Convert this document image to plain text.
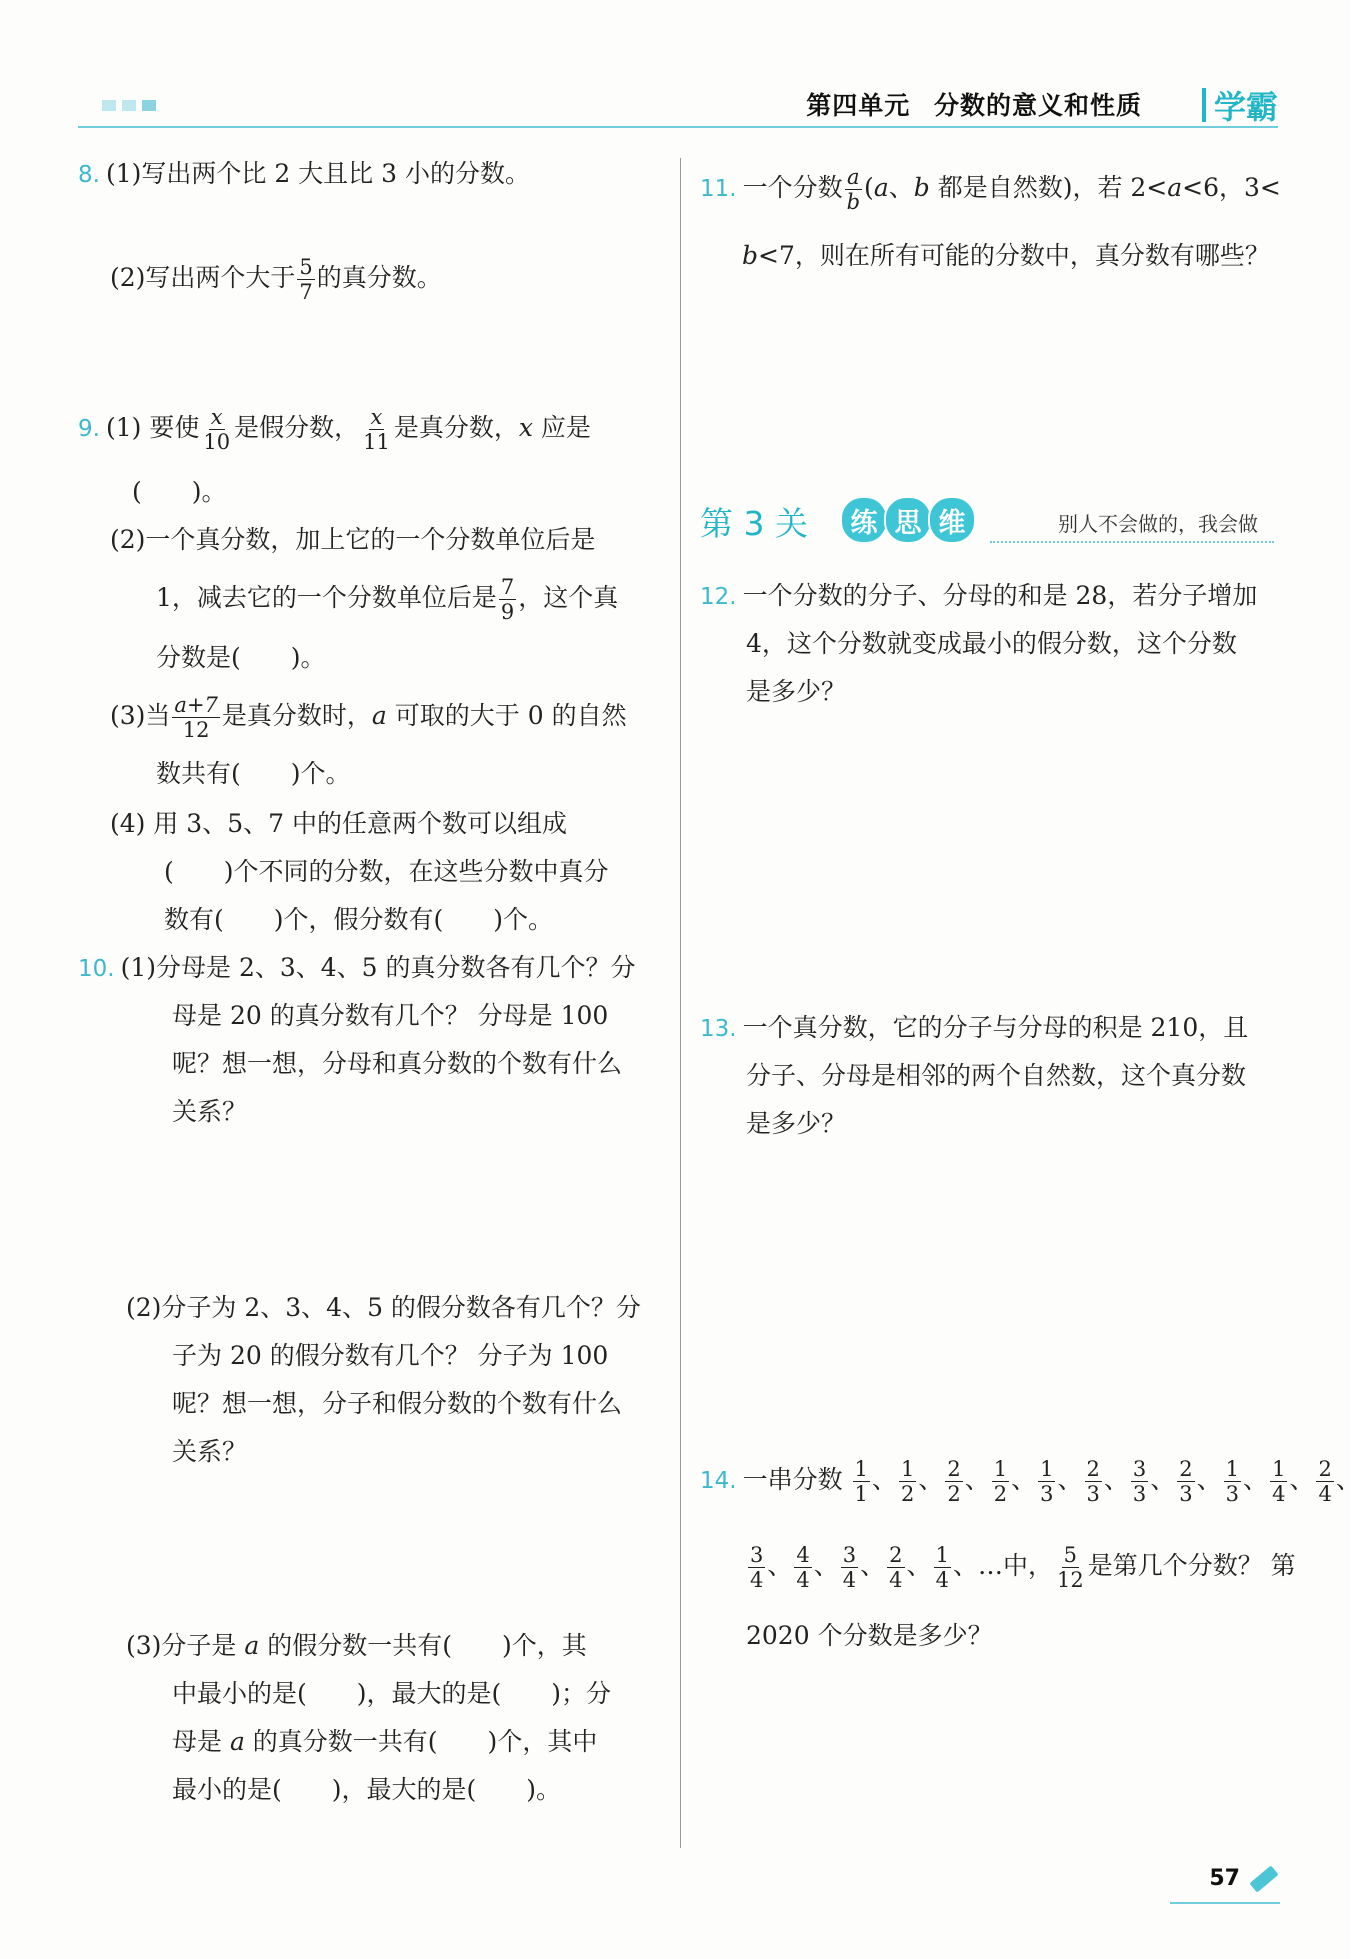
第四单元 分数的意义和性质 学霸
8. (1)写出两个比 2 大且比 3 小的分数。
(2)写出两个大于 $\frac{5}{7}$ 的真分数。
9. (1) 要使 $\frac{x}{10}$ 是假分数， $\frac{x}{11}$ 是真分数，x 应是
(　　)。
(2)一个真分数，加上它的一个分数单位后是
1，减去它的一个分数单位后是 $\frac{7}{9}$ ，这个真
分数是(　　)。
(3)当 $\frac{a+7}{12}$ 是真分数时，a 可取的大于 0 的自然
数共有(　　)个。
(4) 用 3、5、7 中的任意两个数可以组成
(　　)个不同的分数，在这些分数中真分
数有(　　)个，假分数有(　　)个。
10. (1)分母是 2、3、4、5 的真分数各有几个？分
母是 20 的真分数有几个？ 分母是 100
呢？想一想，分母和真分数的个数有什么
关系？
(2)分子为 2、3、4、5 的假分数各有几个？分
子为 20 的假分数有几个？ 分子为 100
呢？想一想，分子和假分数的个数有什么
关系？
(3)分子是 a 的假分数一共有(　　)个，其
中最小的是(　　)，最大的是(　　)；分
母是 a 的真分数一共有(　　)个，其中
最小的是(　　)，最大的是(　　)。
11. 一个分数 $\frac{a}{b} (a$、b 都是自然数)，若 2<a<6，3<
b<7，则在所有可能的分数中，真分数有哪些？
第 3 关	练 思 维	别人不会做的，我会做
12. 一个分数的分子、分母的和是 28，若分子增加
4，这个分数就变成最小的假分数，这个分数
是多少？
13. 一个真分数，它的分子与分母的积是 210，且
分子、分母是相邻的两个自然数，这个真分数
是多少？
14. 一串分数 $\frac{1}{1}$ 、 $\frac{1}{2}$ 、 $\frac{2}{2}$ 、 $\frac{1}{2}$ 、 $\frac{1}{3}$ 、 $\frac{2}{3}$ 、 $\frac{3}{3}$ 、 $\frac{2}{3}$ 、 $\frac{1}{3}$ 、 $\frac{1}{4}$ 、 $\frac{2}{4}$ 、
$\frac{3}{4}$ 、 $\frac{4}{4}$ 、 $\frac{3}{4}$ 、 $\frac{2}{4}$ 、 $\frac{1}{4}$ 、…中， $\frac{5}{12}$ 是第几个分数？ 第
2020 个分数是多少？
57
